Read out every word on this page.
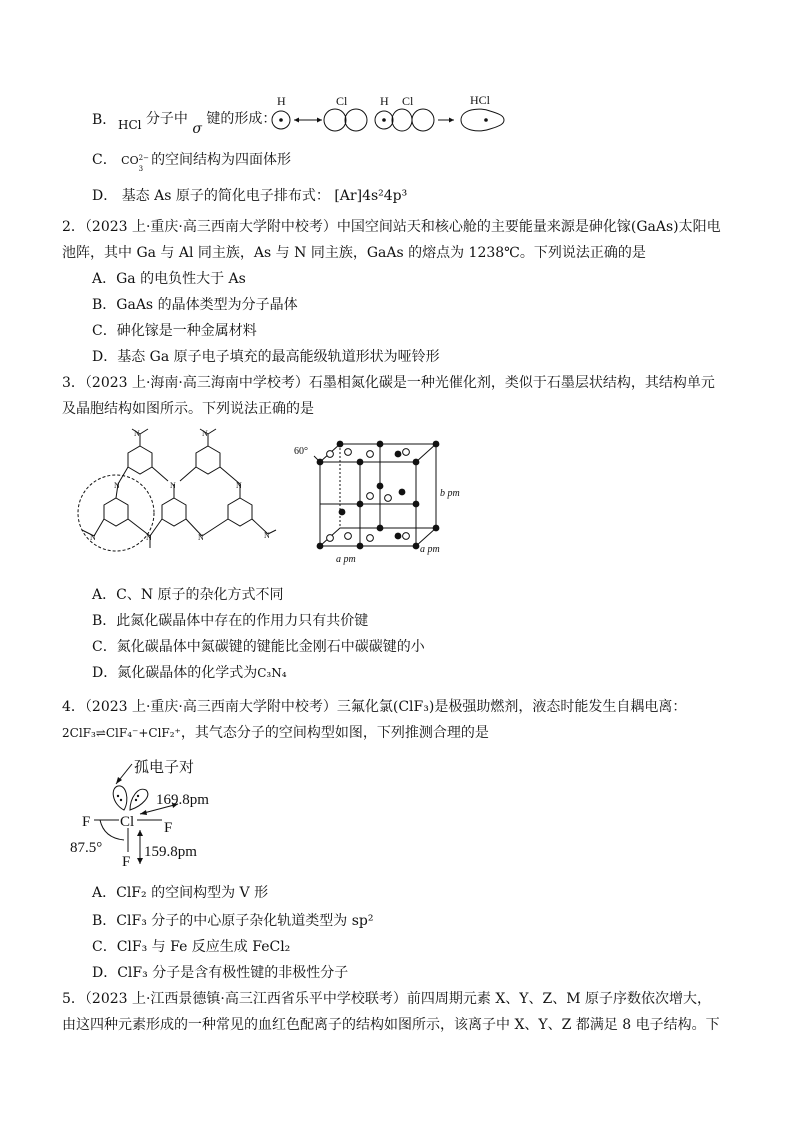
B． HCl 分子中 σ 键的形成：
H	Cl	H Cl	HCl
C． CO 2−
3
的空间结构为四面体形
D． 基态 As 原子的简化电子排布式： [Ar]4s²4p³
2．（2023 上·重庆·高三西南大学附中校考）中国空间站天和核心舱的主要能量来源是砷化镓(GaAs)太阳电
池阵，其中 Ga 与 Al 同主族，As 与 N 同主族，GaAs 的熔点为 1238℃。下列说法正确的是
A．Ga 的电负性大于 As
B．GaAs 的晶体类型为分子晶体
C．砷化镓是一种金属材料
D．基态 Ga 原子电子填充的最高能级轨道形状为哑铃形
3．（2023 上·海南·高三海南中学校考）石墨相氮化碳是一种光催化剂，类似于石墨层状结构，其结构单元
及晶胞结构如图所示。下列说法正确的是
N	N
N	N	N
N	N	N	N
60°
b pm
a pm
a pm
A．C、N 原子的杂化方式不同
B．此氮化碳晶体中存在的作用力只有共价键
C．氮化碳晶体中氮碳键的键能比金刚石中碳碳键的小
D．氮化碳晶体的化学式为C₃N₄
4．（2023 上·重庆·高三西南大学附中校考）三氟化氯(ClF₃)是极强助燃剂，液态时能发生自耦电离：
2ClF₃⇌ClF₄⁻+ClF₂⁺，其气态分子的空间构型如图，下列推测合理的是
孤电子对
Cl
F	F
169.8pm
F
159.8pm
87.5°
A．ClF₂ 的空间构型为 V 形
B．ClF₃ 分子的中心原子杂化轨道类型为 sp²
C．ClF₃ 与 Fe 反应生成 FeCl₂
D．ClF₃ 分子是含有极性键的非极性分子
5．（2023 上·江西景德镇·高三江西省乐平中学校联考）前四周期元素 X、Y、Z、M 原子序数依次增大，
由这四种元素形成的一种常见的血红色配离子的结构如图所示，该离子中 X、Y、Z 都满足 8 电子结构。下
